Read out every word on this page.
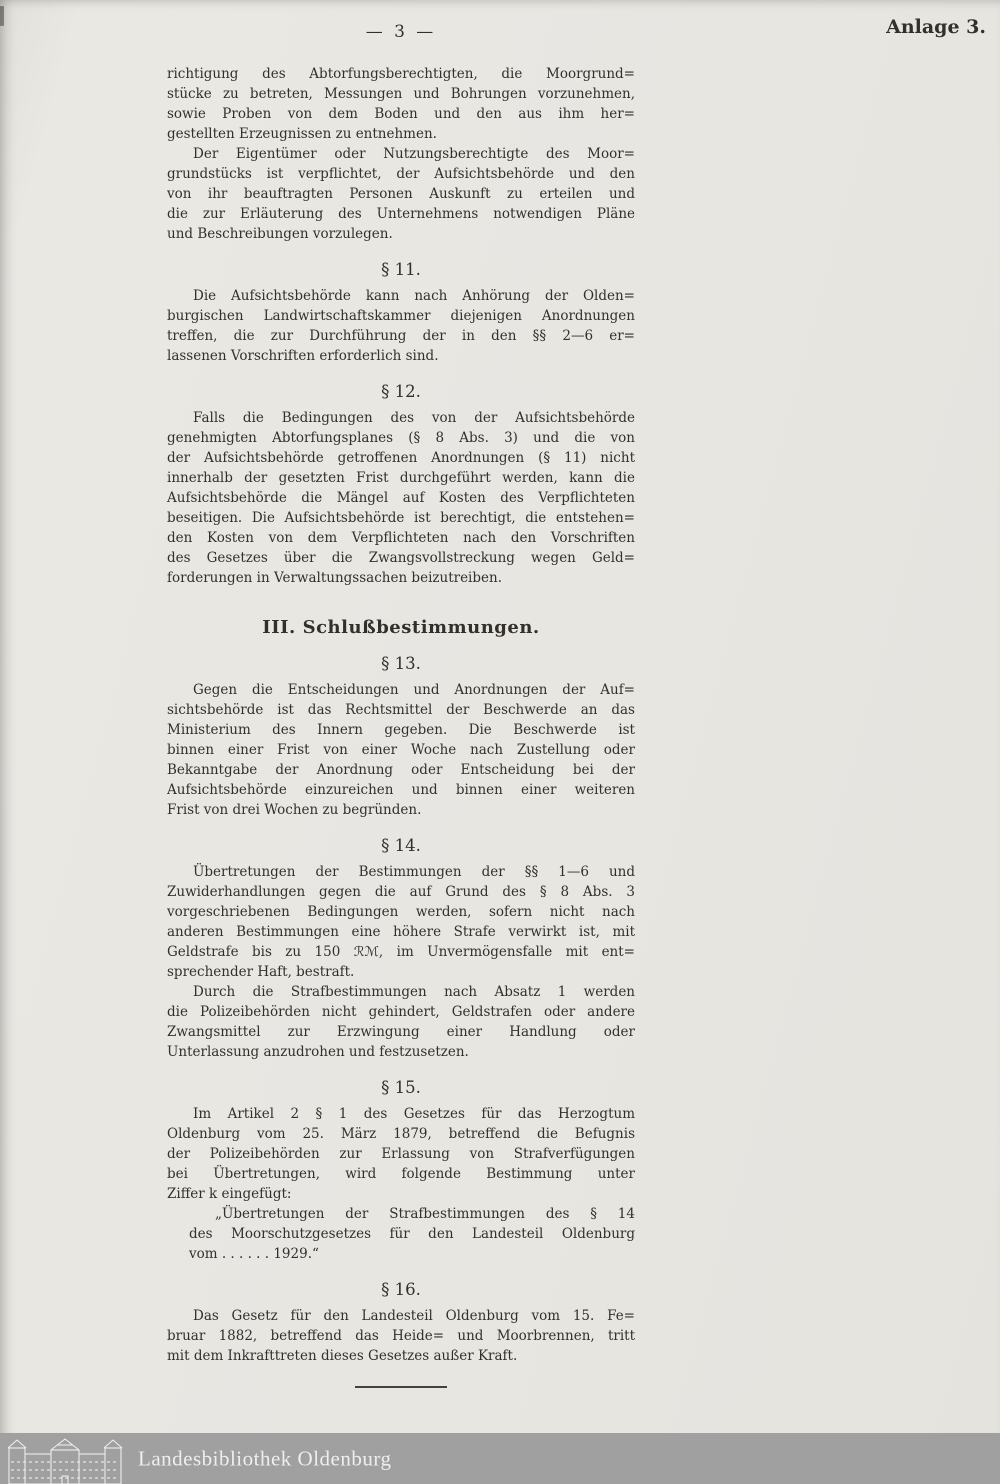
— 3 —	Anlage 3.
richtigung des Abtorfungsberechtigten, die Moorgrund=
stücke zu betreten, Messungen und Bohrungen vorzunehmen,
sowie Proben von dem Boden und den aus ihm her=
gestellten Erzeugnissen zu entnehmen.
Der Eigentümer oder Nutzungsberechtigte des Moor=
grundstücks ist verpflichtet, der Aufsichtsbehörde und den
von ihr beauftragten Personen Auskunft zu erteilen und
die zur Erläuterung des Unternehmens notwendigen Pläne
und Beschreibungen vorzulegen.
§ 11.
Die Aufsichtsbehörde kann nach Anhörung der Olden=
burgischen Landwirtschaftskammer diejenigen Anordnungen
treffen, die zur Durchführung der in den §§ 2—6 er=
lassenen Vorschriften erforderlich sind.
§ 12.
Falls die Bedingungen des von der Aufsichtsbehörde
genehmigten Abtorfungsplanes (§ 8 Abs. 3) und die von
der Aufsichtsbehörde getroffenen Anordnungen (§ 11) nicht
innerhalb der gesetzten Frist durchgeführt werden, kann die
Aufsichtsbehörde die Mängel auf Kosten des Verpflichteten
beseitigen. Die Aufsichtsbehörde ist berechtigt, die entstehen=
den Kosten von dem Verpflichteten nach den Vorschriften
des Gesetzes über die Zwangsvollstreckung wegen Geld=
forderungen in Verwaltungssachen beizutreiben.
III. Schlußbestimmungen.
§ 13.
Gegen die Entscheidungen und Anordnungen der Auf=
sichtsbehörde ist das Rechtsmittel der Beschwerde an das
Ministerium des Innern gegeben. Die Beschwerde ist
binnen einer Frist von einer Woche nach Zustellung oder
Bekanntgabe der Anordnung oder Entscheidung bei der
Aufsichtsbehörde einzureichen und binnen einer weiteren
Frist von drei Wochen zu begründen.
§ 14.
Übertretungen der Bestimmungen der §§ 1—6 und
Zuwiderhandlungen gegen die auf Grund des § 8 Abs. 3
vorgeschriebenen Bedingungen werden, sofern nicht nach
anderen Bestimmungen eine höhere Strafe verwirkt ist, mit
Geldstrafe bis zu 150 ℛℳ, im Unvermögensfalle mit ent=
sprechender Haft, bestraft.
Durch die Strafbestimmungen nach Absatz 1 werden
die Polizeibehörden nicht gehindert, Geldstrafen oder andere
Zwangsmittel zur Erzwingung einer Handlung oder
Unterlassung anzudrohen und festzusetzen.
§ 15.
Im Artikel 2 § 1 des Gesetzes für das Herzogtum
Oldenburg vom 25. März 1879, betreffend die Befugnis
der Polizeibehörden zur Erlassung von Strafverfügungen
bei Übertretungen, wird folgende Bestimmung unter
Ziffer k eingefügt:
„Übertretungen der Strafbestimmungen des § 14
des Moorschutzgesetzes für den Landesteil Oldenburg
vom . . . . . . 1929.“
§ 16.
Das Gesetz für den Landesteil Oldenburg vom 15. Fe=
bruar 1882, betreffend das Heide= und Moorbrennen, tritt
mit dem Inkrafttreten dieses Gesetzes außer Kraft.
Landesbibliothek Oldenburg
